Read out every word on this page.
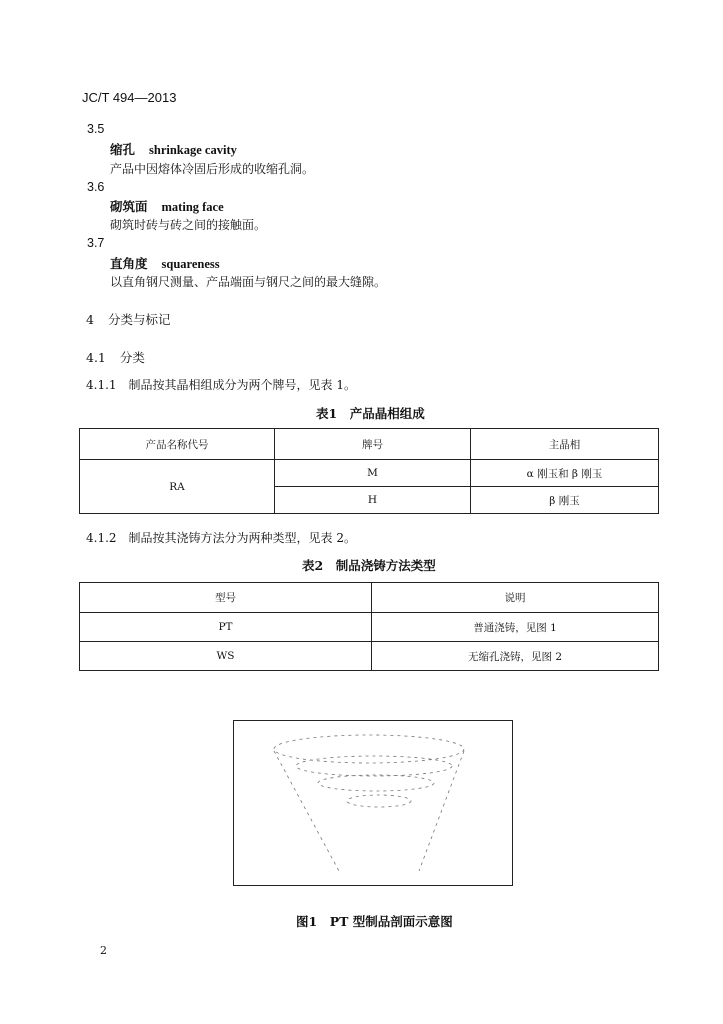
JC/T 494—2013
3.5
缩孔 shrinkage cavity
产品中因熔体冷固后形成的收缩孔洞。
3.6
砌筑面 mating face
砌筑时砖与砖之间的接触面。
3.7
直角度 squareness
以直角钢尺测量、产品端面与钢尺之间的最大缝隙。
4 分类与标记
4.1 分类
4.1.1　制品按其晶相组成分为两个牌号，见表 1。
表1　产品晶相组成
产品名称代号	牌号	主晶相
RA	M	α 刚玉和 β 刚玉
	H	β 刚玉
4.1.2　制品按其浇铸方法分为两种类型，见表 2。
表2　制品浇铸方法类型
型号	说明
PT	普通浇铸，见图 1
WS	无缩孔浇铸，见图 2
图1　PT 型制品剖面示意图
2
